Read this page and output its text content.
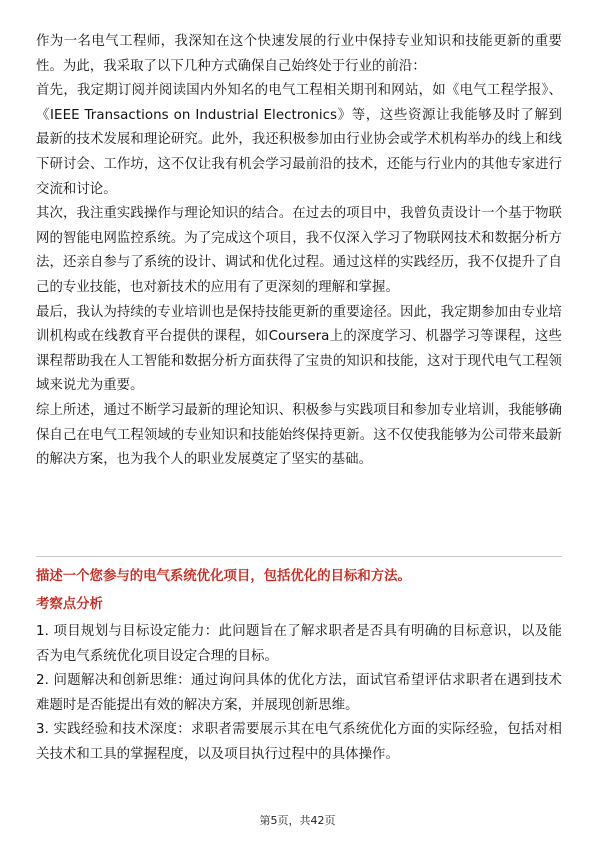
作为一名电气工程师，我深知在这个快速发展的行业中保持专业知识和技能更新的重要性。为此，我采取了以下几种方式确保自己始终处于行业的前沿：

首先，我定期订阅并阅读国内外知名的电气工程相关期刊和网站，如《电气工程学报》、《IEEE Transactions on Industrial Electronics》等，这些资源让我能够及时了解到最新的技术发展和理论研究。此外，我还积极参加由行业协会或学术机构举办的线上和线下研讨会、工作坊，这不仅让我有机会学习最前沿的技术，还能与行业内的其他专家进行交流和讨论。

其次，我注重实践操作与理论知识的结合。在过去的项目中，我曾负责设计一个基于物联网的智能电网监控系统。为了完成这个项目，我不仅深入学习了物联网技术和数据分析方法，还亲自参与了系统的设计、调试和优化过程。通过这样的实践经历，我不仅提升了自己的专业技能，也对新技术的应用有了更深刻的理解和掌握。

最后，我认为持续的专业培训也是保持技能更新的重要途径。因此，我定期参加由专业培训机构或在线教育平台提供的课程，如Coursera上的深度学习、机器学习等课程，这些课程帮助我在人工智能和数据分析方面获得了宝贵的知识和技能，这对于现代电气工程领域来说尤为重要。

综上所述，通过不断学习最新的理论知识、积极参与实践项目和参加专业培训，我能够确保自己在电气工程领域的专业知识和技能始终保持更新。这不仅使我能够为公司带来最新的解决方案，也为我个人的职业发展奠定了坚实的基础。

描述一个您参与的电气系统优化项目，包括优化的目标和方法。
考察点分析

1. 项目规划与目标设定能力：此问题旨在了解求职者是否具有明确的目标意识，以及能否为电气系统优化项目设定合理的目标。

2. 问题解决和创新思维：通过询问具体的优化方法，面试官希望评估求职者在遇到技术难题时是否能提出有效的解决方案，并展现创新思维。

3. 实践经验和技术深度：求职者需要展示其在电气系统优化方面的实际经验，包括对相关技术和工具的掌握程度，以及项目执行过程中的具体操作。

第5页，共42页
